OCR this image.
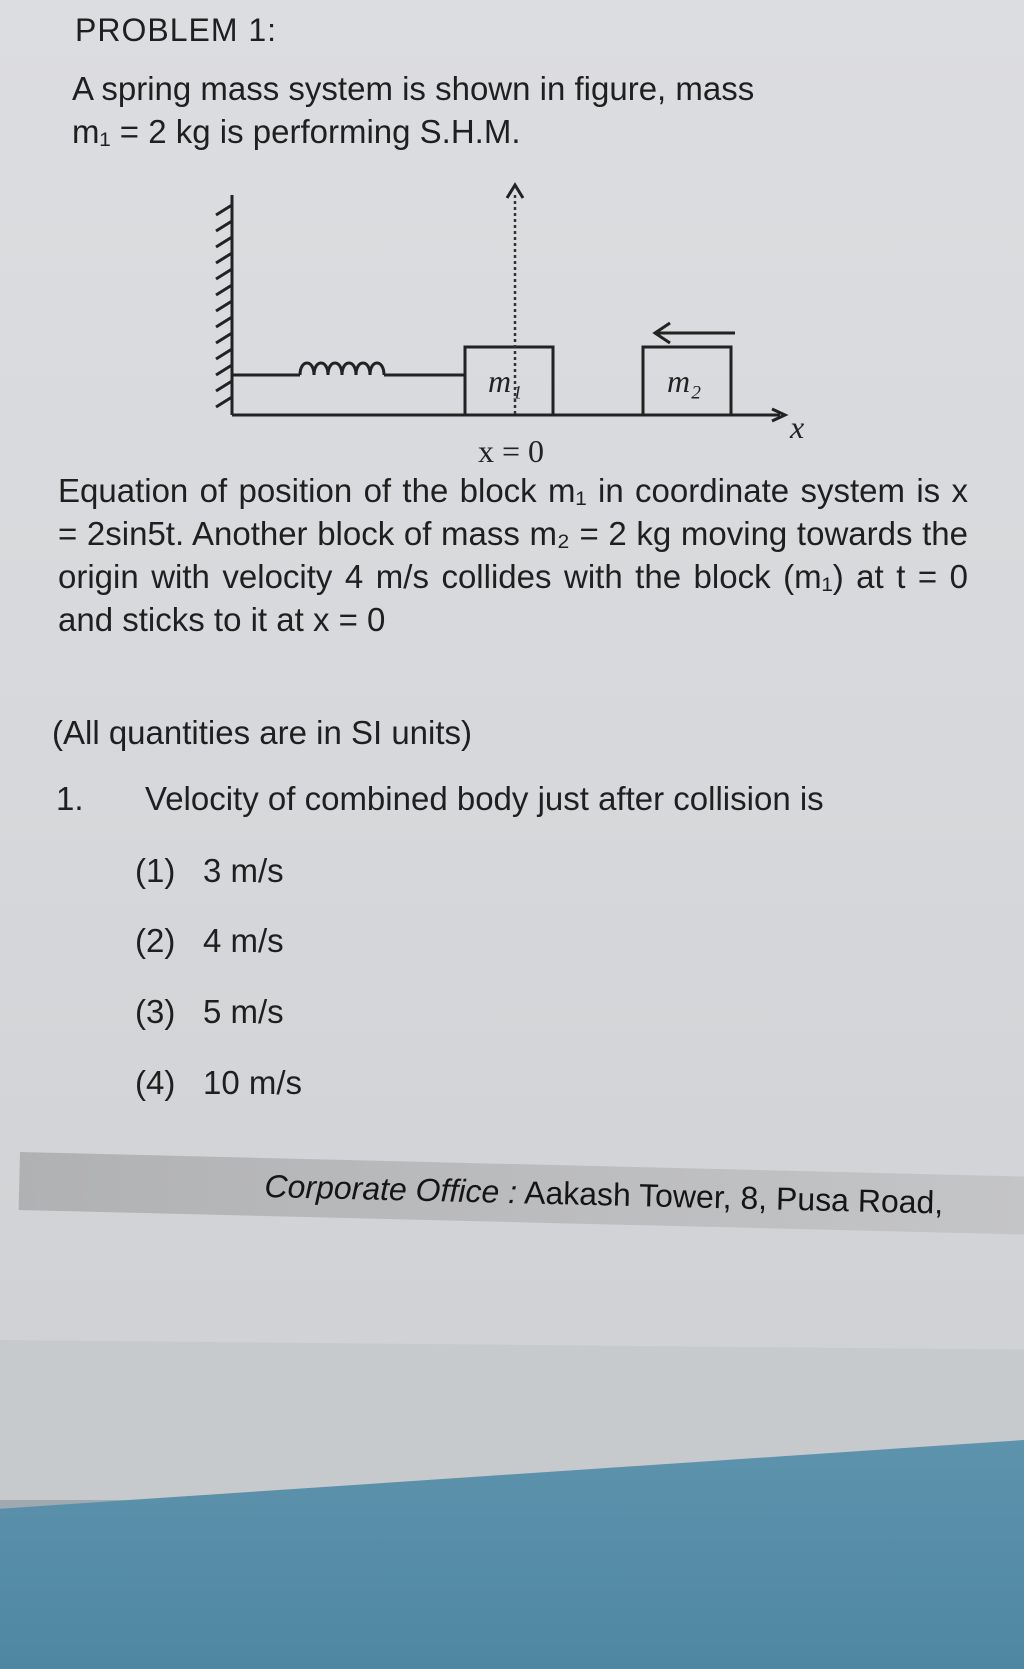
PROBLEM 1:

A spring mass system is shown in figure, mass
m₁ = 2 kg is performing S.H.M.

x
m₁	m₂
x = 0

Equation of position of the block m₁ in coordinate system is x = 2sin5t. Another block of mass m₂ = 2 kg moving towards the origin with velocity 4 m/s collides with the block (m₁) at t = 0 and sticks to it at x = 0

(All quantities are in SI units)

1. Velocity of combined body just after collision is

(1) 3 m/s

(2) 4 m/s

(3) 5 m/s

(4) 10 m/s

Corporate Office : Aakash Tower, 8, Pusa Road,
